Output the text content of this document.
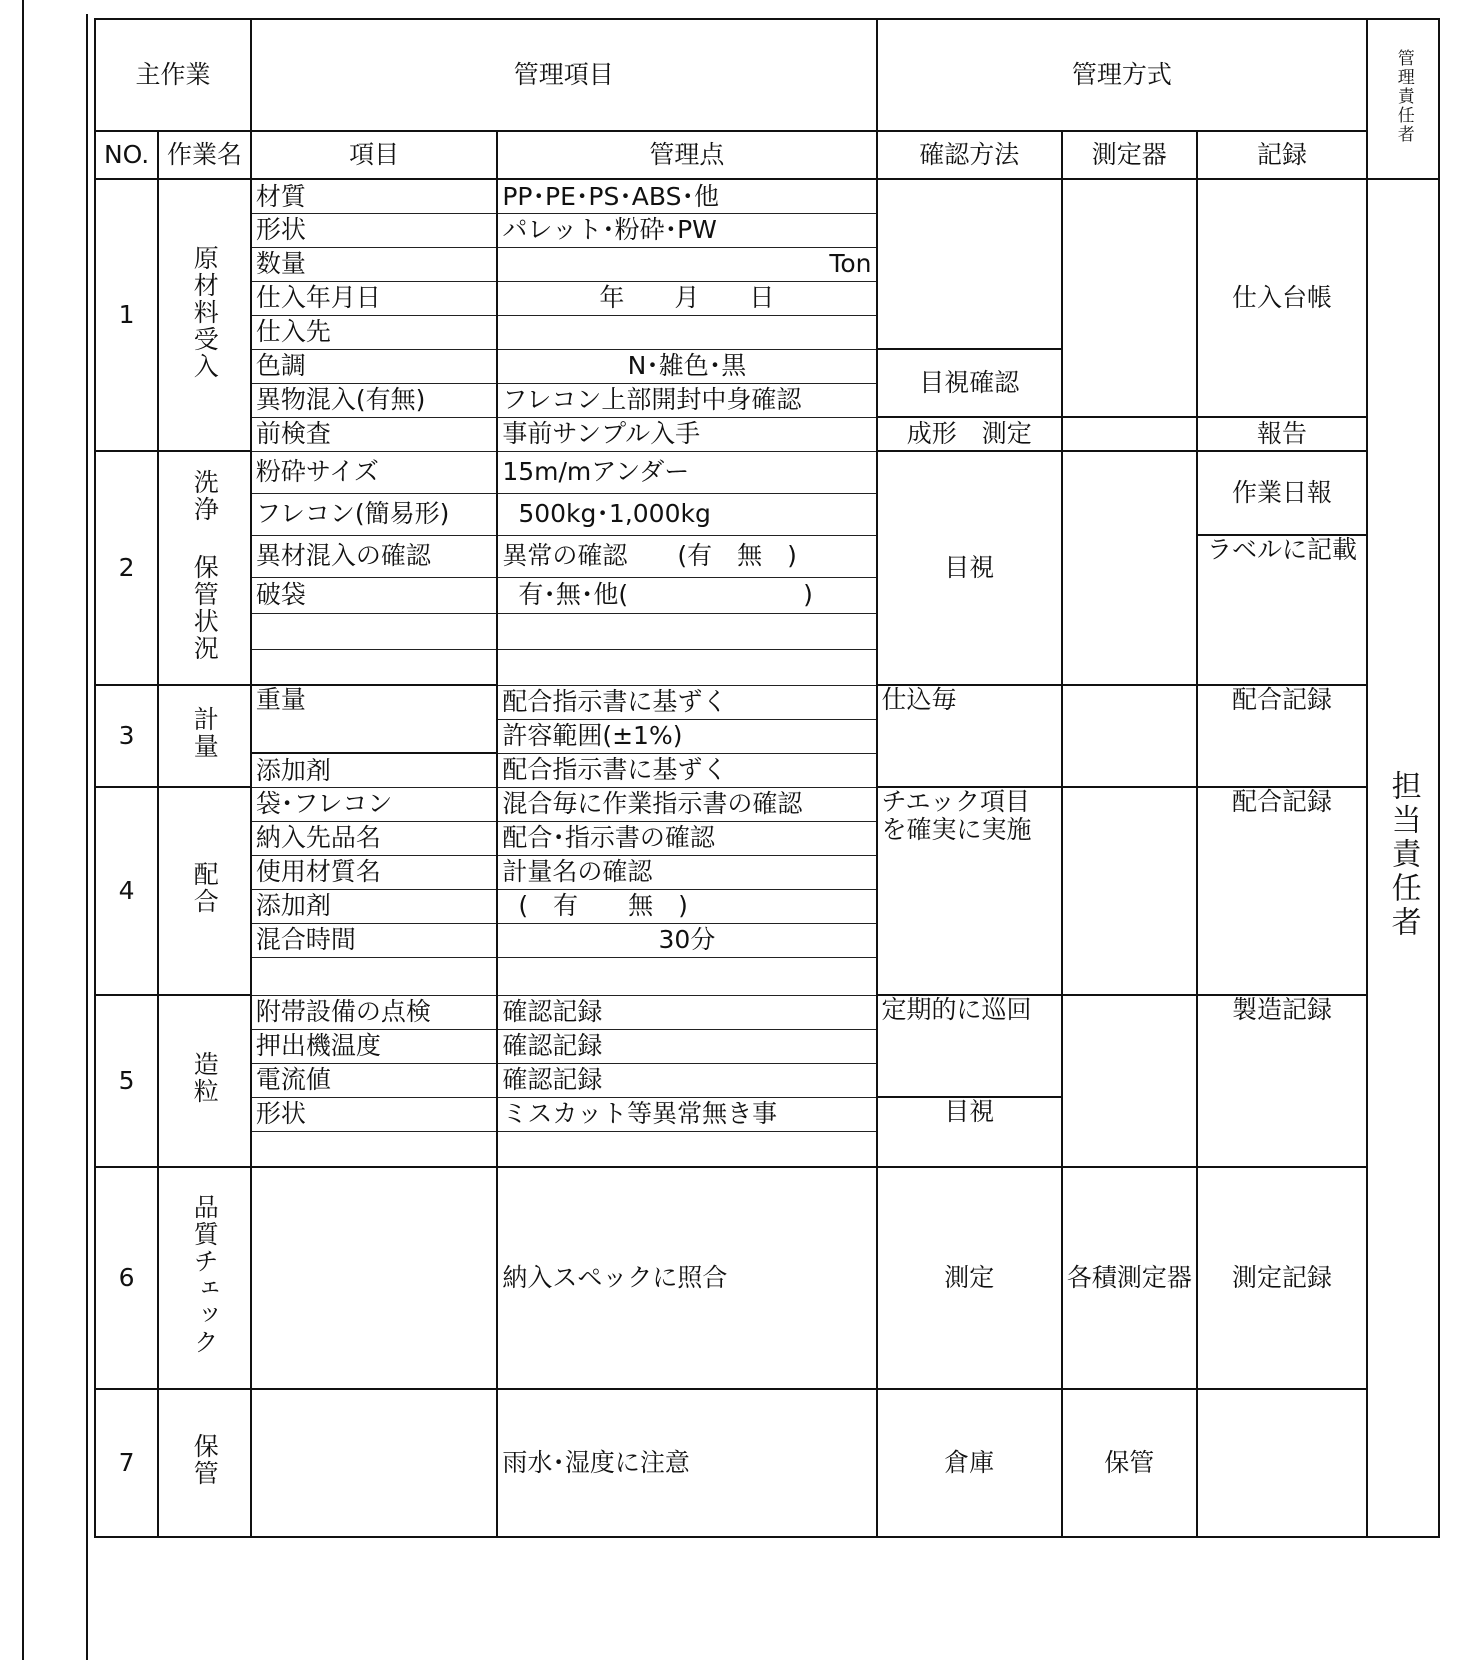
主作業		管理項目		管理方式			管理責任者
NO.	作業名	項目	管理点	確認方法	測定器	記録	
1	原材料受入	材質	PP･PE･PS･ABS･他			仕入台帳	担当責任者
		形状	パレット･粉砕･PW				
		数量	Ton				
		仕入年月日	年　　月　　日				
		仕入先					
		色調	N･雑色･黒	目視確認			
		異物混入(有無)	フレコン上部開封中身確認				
		前検査	事前サンプル入手	成形　測定		報告	
2	洗浄 保管状況	粉砕サイズ	15m/mアンダー	目視		作業日報	
		フレコン(簡易形)	500kg･1,000kg				
		異材混入の確認	異常の確認　　(有　無　)			ラベルに記載	
		破袋	有･無･他(　　　　　　　)				

3	計量	重量	配合指示書に基ずく	仕込毎		配合記録	
			許容範囲(±1%)				
		添加剤	配合指示書に基ずく				
4	配合	袋･フレコン	混合毎に作業指示書の確認	チエック項目
を確実に実施		配合記録	
		納入先品名	配合･指示書の確認				
		使用材質名	計量名の確認				
		添加剤	(　有　　無　)				
		混合時間	30分				

5	造粒	附帯設備の点検	確認記録	定期的に巡回		製造記録	
		押出機温度	確認記録				
		電流値	確認記録				
		形状	ミスカット等異常無き事	目視			

6	品質チェック		納入スペックに照合	測定	各積測定器	測定記録	
7	保管		雨水･湿度に注意	倉庫	保管		
